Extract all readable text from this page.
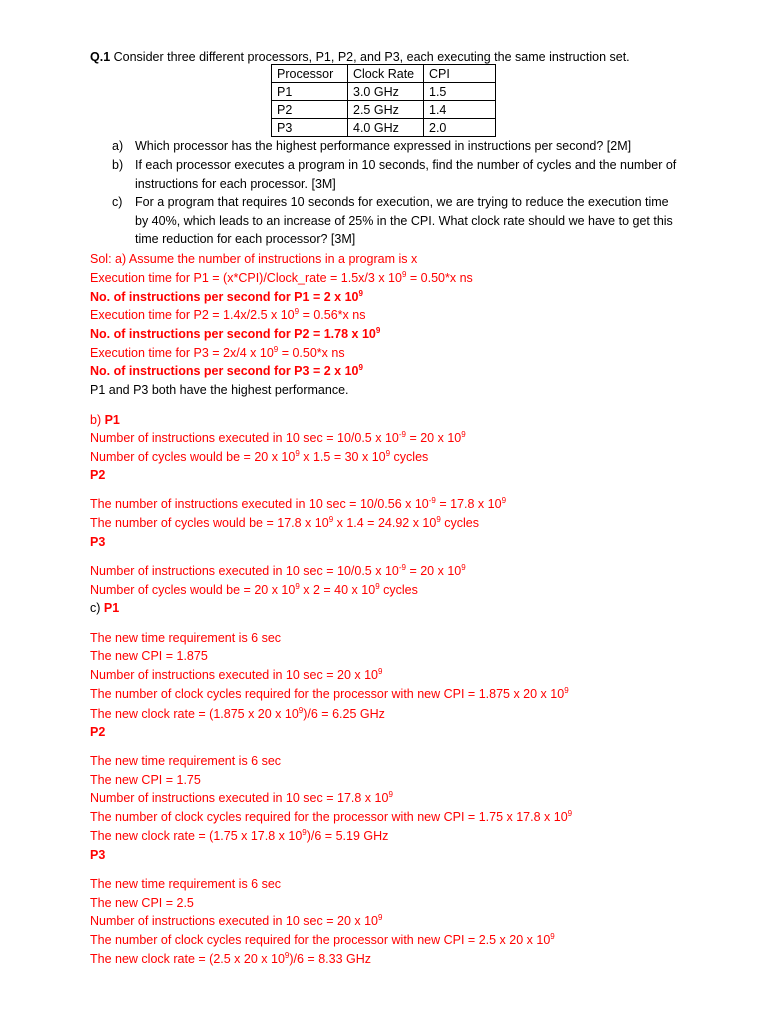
Q.1 Consider three different processors, P1, P2, and P3, each executing the same instruction set.
Processor	Clock Rate	CPI
P1	3.0 GHz	1.5
P2	2.5 GHz	1.4
P3	4.0 GHz	2.0
a) Which processor has the highest performance expressed in instructions per second? [2M]
b) If each processor executes a program in 10 seconds, find the number of cycles and the number of instructions for each processor. [3M]
c) For a program that requires 10 seconds for execution, we are trying to reduce the execution time by 40%, which leads to an increase of 25% in the CPI. What clock rate should we have to get this time reduction for each processor? [3M]
Sol: a) Assume the number of instructions in a program is x
Execution time for P1 = (x*CPI)/Clock_rate = 1.5x/3 x $10^9 = 0.50*x$ ns
No. of instructions per second for P1 = 2 x $10^9$
Execution time for P2 = 1.4x/2.5 x $10^9 = 0.56*x$ ns
No. of instructions per second for P2 = 1.78 x $10^9$
Execution time for P3 = 2x/4 x $10^9 = 0.50*x$ ns
No. of instructions per second for P3 = 2 x $10^9$
P1 and P3 both have the highest performance.
b) P1
Number of instructions executed in 10 sec = 10/0.5 x $10^{-9} = 20$ x $10^9$
Number of cycles would be = 20 x $10^9$ x 1.5 = 30 x $10^9$ cycles
P2
The number of instructions executed in 10 sec = 10/0.56 x $10^{-9} = 17.8$ x $10^9$
The number of cycles would be = 17.8 x $10^9$ x 1.4 = 24.92 x $10^9$ cycles
P3
Number of instructions executed in 10 sec = 10/0.5 x $10^{-9} = 20$ x $10^9$
Number of cycles would be = 20 x $10^9$ x 2 = 40 x $10^9$ cycles
c) P1
The new time requirement is 6 sec
The new CPI = 1.875
Number of instructions executed in 10 sec = 20 x $10^9$
The number of clock cycles required for the processor with new CPI = 1.875 x 20 x $10^9$
The new clock rate = (1.875 x 20 x $10^9)/6 = 6.25$ GHz
P2
The new time requirement is 6 sec
The new CPI = 1.75
Number of instructions executed in 10 sec = 17.8 x $10^9$
The number of clock cycles required for the processor with new CPI = 1.75 x 17.8 x $10^9$
The new clock rate = (1.75 x 17.8 x $10^9)/6 = 5.19$ GHz
P3
The new time requirement is 6 sec
The new CPI = 2.5
Number of instructions executed in 10 sec = 20 x $10^9$
The number of clock cycles required for the processor with new CPI = 2.5 x 20 x $10^9$
The new clock rate = (2.5 x 20 x $10^9)/6 = 8.33$ GHz
